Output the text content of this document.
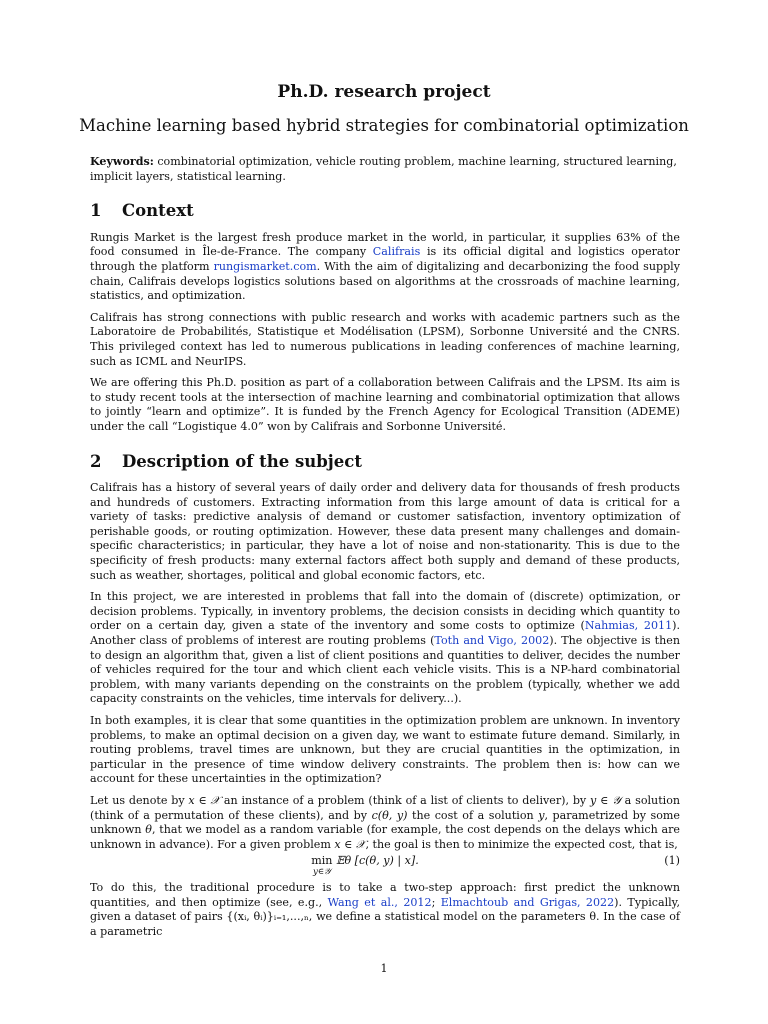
Ph.D. research project
Machine learning based hybrid strategies for combinatorial optimization

Keywords: combinatorial optimization, vehicle routing problem, machine learning, structured learning, implicit layers, statistical learning.

1 Context

Rungis Market is the largest fresh produce market in the world, in particular, it supplies 63% of the food consumed in Île-de-France. The company Califrais is its official digital and logistics operator through the platform rungismarket.com. With the aim of digitalizing and decarbonizing the food supply chain, Califrais develops logistics solutions based on algorithms at the crossroads of machine learning, statistics, and optimization.

Califrais has strong connections with public research and works with academic partners such as the Laboratoire de Probabilités, Statistique et Modélisation (LPSM), Sorbonne Université and the CNRS. This privileged context has led to numerous publications in leading conferences of machine learning, such as ICML and NeurIPS.

We are offering this Ph.D. position as part of a collaboration between Califrais and the LPSM. Its aim is to study recent tools at the intersection of machine learning and combinatorial optimization that allows to jointly “learn and optimize”. It is funded by the French Agency for Ecological Transition (ADEME) under the call “Logistique 4.0” won by Califrais and Sorbonne Université.

2 Description of the subject

Califrais has a history of several years of daily order and delivery data for thousands of fresh products and hundreds of customers. Extracting information from this large amount of data is critical for a variety of tasks: predictive analysis of demand or customer satisfaction, inventory optimization of perishable goods, or routing optimization. However, these data present many challenges and domain-specific characteristics; in particular, they have a lot of noise and non-stationarity. This is due to the specificity of fresh products: many external factors affect both supply and demand of these products, such as weather, shortages, political and global economic factors, etc.

In this project, we are interested in problems that fall into the domain of (discrete) optimization, or decision problems. Typically, in inventory problems, the decision consists in deciding which quantity to order on a certain day, given a state of the inventory and some costs to optimize (Nahmias, 2011). Another class of problems of interest are routing problems (Toth and Vigo, 2002). The objective is then to design an algorithm that, given a list of client positions and quantities to deliver, decides the number of vehicles required for the tour and which client each vehicle visits. This is a NP-hard combinatorial problem, with many variants depending on the constraints on the problem (typically, whether we add capacity constraints on the vehicles, time intervals for delivery...).

In both examples, it is clear that some quantities in the optimization problem are unknown. In inventory problems, to make an optimal decision on a given day, we want to estimate future demand. Similarly, in routing problems, travel times are unknown, but they are crucial quantities in the optimization, in particular in the presence of time window delivery constraints. The problem then is: how can we account for these uncertainties in the optimization?

Let us denote by x ∈ 𝒳 an instance of a problem (think of a list of clients to deliver), by y ∈ 𝒴 a solution (think of a permutation of these clients), and by c(θ, y) the cost of a solution y, parametrized by some unknown θ, that we model as a random variable (for example, the cost depends on the delays which are unknown in advance). For a given problem x ∈ 𝒳, the goal is then to minimize the expected cost, that is,

min
y∈𝒴
𝔼θ [c(θ, y) | x].	(1)

To do this, the traditional procedure is to take a two-step approach: first predict the unknown quantities, and then optimize (see, e.g., Wang et al., 2012; Elmachtoub and Grigas, 2022). Typically, given a dataset of pairs {(xᵢ, θᵢ)}ᵢ₌₁,...,ₙ, we define a statistical model on the parameters θ. In the case of a parametric

1
